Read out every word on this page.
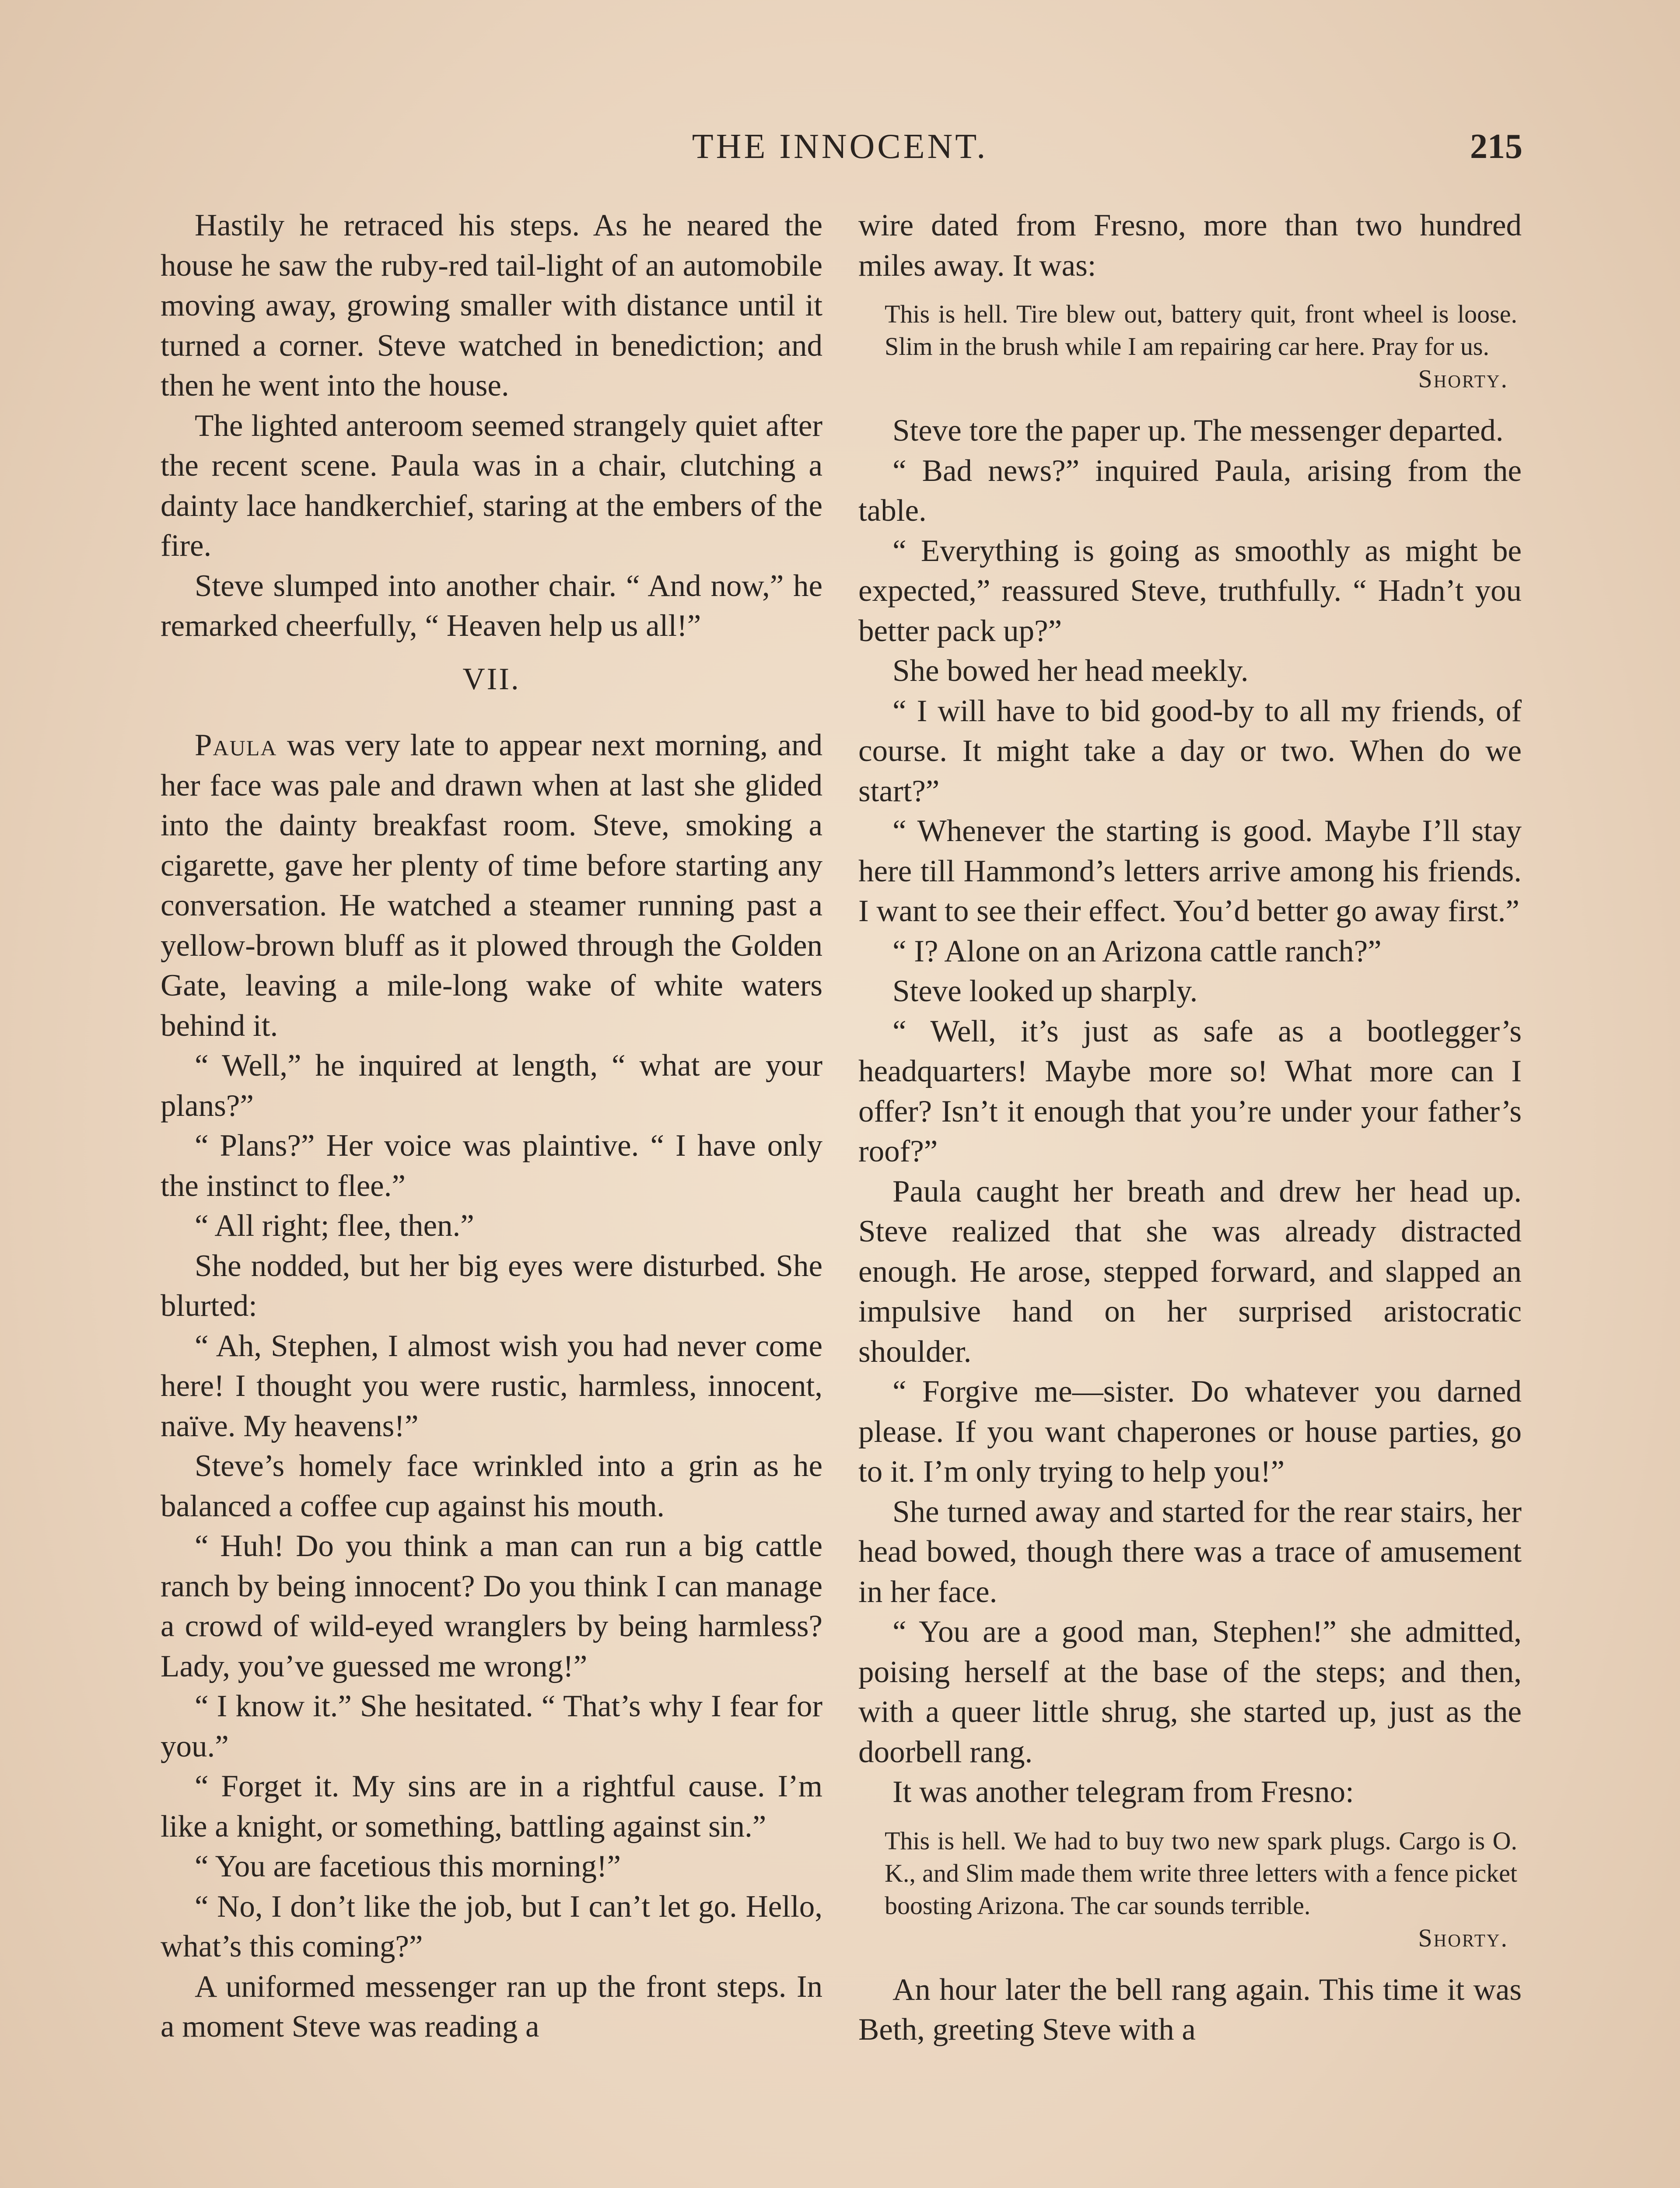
THE INNOCENT.	215

Hastily he retraced his steps. As he neared the house he saw the ruby-red tail-light of an automobile moving away, growing smaller with distance until it turned a corner. Steve watched in benediction; and then he went into the house.

The lighted anteroom seemed strangely quiet after the recent scene. Paula was in a chair, clutching a dainty lace handkerchief, staring at the embers of the fire.

Steve slumped into another chair. “ And now,” he remarked cheerfully, “ Heaven help us all!”

VII.

Paula was very late to appear next morning, and her face was pale and drawn when at last she glided into the dainty breakfast room. Steve, smoking a cigarette, gave her plenty of time before starting any conversation. He watched a steamer running past a yellow-brown bluff as it plowed through the Golden Gate, leaving a mile-long wake of white waters behind it.

“ Well,” he inquired at length, “ what are your plans?”

“ Plans?” Her voice was plaintive. “ I have only the instinct to flee.”

“ All right; flee, then.”

She nodded, but her big eyes were disturbed. She blurted:

“ Ah, Stephen, I almost wish you had never come here! I thought you were rustic, harmless, innocent, naïve. My heavens!”

Steve’s homely face wrinkled into a grin as he balanced a coffee cup against his mouth.

“ Huh! Do you think a man can run a big cattle ranch by being innocent? Do you think I can manage a crowd of wild-eyed wranglers by being harmless? Lady, you’ve guessed me wrong!”

“ I know it.” She hesitated. “ That’s why I fear for you.”

“ Forget it. My sins are in a rightful cause. I’m like a knight, or something, battling against sin.”

“ You are facetious this morning!”

“ No, I don’t like the job, but I can’t let go. Hello, what’s this coming?”

A uniformed messenger ran up the front steps. In a moment Steve was reading a

wire dated from Fresno, more than two hundred miles away. It was:

This is hell. Tire blew out, battery quit, front wheel is loose. Slim in the brush while I am repairing car here. Pray for us.

Shorty.

Steve tore the paper up. The messenger departed.

“ Bad news?” inquired Paula, arising from the table.

“ Everything is going as smoothly as might be expected,” reassured Steve, truthfully. “ Hadn’t you better pack up?”

She bowed her head meekly.

“ I will have to bid good-by to all my friends, of course. It might take a day or two. When do we start?”

“ Whenever the starting is good. Maybe I’ll stay here till Hammond’s letters arrive among his friends. I want to see their effect. You’d better go away first.”

“ I? Alone on an Arizona cattle ranch?”

Steve looked up sharply.

“ Well, it’s just as safe as a bootlegger’s headquarters! Maybe more so! What more can I offer? Isn’t it enough that you’re under your father’s roof?”

Paula caught her breath and drew her head up. Steve realized that she was already distracted enough. He arose, stepped forward, and slapped an impulsive hand on her surprised aristocratic shoulder.

“ Forgive me—sister. Do whatever you darned please. If you want chaperones or house parties, go to it. I’m only trying to help you!”

She turned away and started for the rear stairs, her head bowed, though there was a trace of amusement in her face.

“ You are a good man, Stephen!” she admitted, poising herself at the base of the steps; and then, with a queer little shrug, she started up, just as the doorbell rang.

It was another telegram from Fresno:

This is hell. We had to buy two new spark plugs. Cargo is O. K., and Slim made them write three letters with a fence picket boosting Arizona. The car sounds terrible.

Shorty.

An hour later the bell rang again. This time it was Beth, greeting Steve with a
